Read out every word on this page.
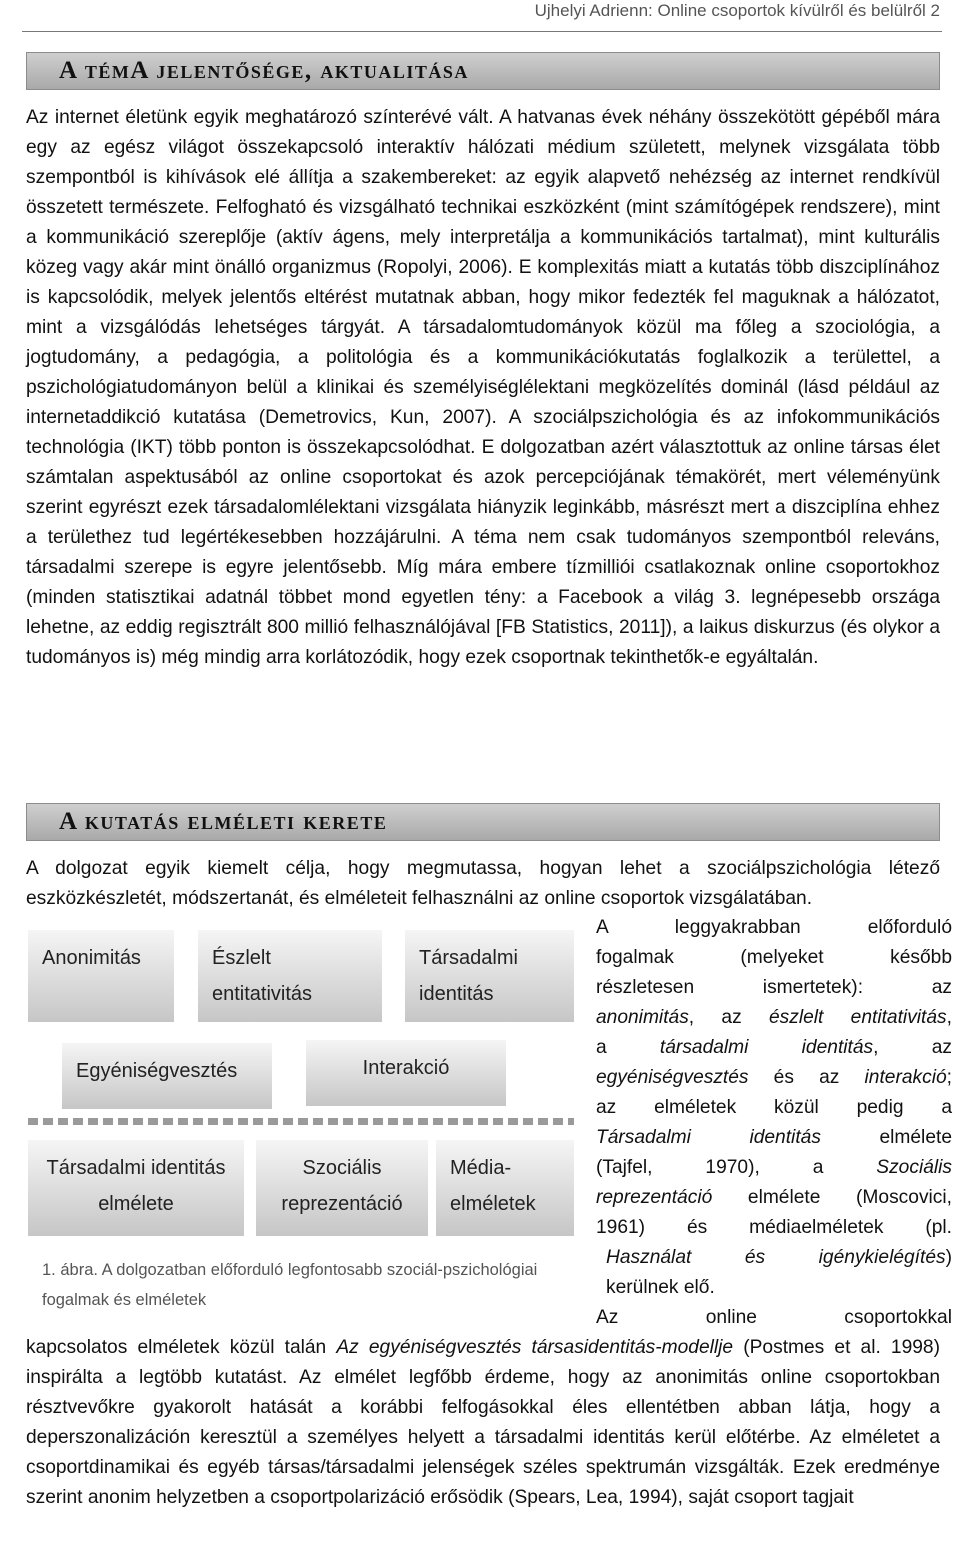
Ujhelyi Adrienn: Online csoportok kívülről és belülről 2
A témA jelentősége, aktualitása

Az internet életünk egyik meghatározó színterévé vált. A hatvanas évek néhány összekötött gépéből mára egy az egész világot összekapcsoló interaktív hálózati médium született, melynek vizsgálata több szempontból is kihívások elé állítja a szakembereket: az egyik alapvető nehézség az internet rendkívül összetett természete. Felfogható és vizsgálható technikai eszközként (mint számítógépek rendszere), mint a kommunikáció szereplője (aktív ágens, mely interpretálja a kommunikációs tartalmat), mint kulturális közeg vagy akár mint önálló organizmus (Ropolyi, 2006). E komplexitás miatt a kutatás több diszciplínához is kapcsolódik, melyek jelentős eltérést mutatnak abban, hogy mikor fedezték fel maguknak a hálózatot, mint a vizsgálódás lehetséges tárgyát. A társadalomtudományok közül ma főleg a szociológia, a jogtudomány, a pedagógia, a politológia és a kommunikációkutatás foglalkozik a területtel, a pszichológiatudományon belül a klinikai és személyiséglélektani megközelítés dominál (lásd például az internetaddikció kutatása (Demetrovics, Kun, 2007). A szociálpszichológia és az infokommunikációs technológia (IKT) több ponton is összekapcsolódhat. E dolgozatban azért választottuk az online társas élet számtalan aspektusából az online csoportokat és azok percepciójának témakörét, mert véleményünk szerint egyrészt ezek társadalomlélektani vizsgálata hiányzik leginkább, másrészt mert a diszciplína ehhez a területhez tud legértékesebben hozzájárulni. A téma nem csak tudományos szempontból releváns, társadalmi szerepe is egyre jelentősebb. Míg mára embere tízmilliói csatlakoznak online csoportokhoz (minden statisztikai adatnál többet mond egyetlen tény: a Facebook a világ 3. legnépesebb országa lehetne, az eddig regisztrált 800 millió felhasználójával [FB Statistics, 2011]), a laikus diskurzus (és olykor a tudományos is) még mindig arra korlátozódik, hogy ezek csoportnak tekinthetők-e egyáltalán.

A kutatás elméleti kerete

A dolgozat egyik kiemelt célja, hogy megmutassa, hogyan lehet a szociálpszichológia létező eszközkészletét, módszertanát, és elméleteit felhasználni az online csoportok vizsgálatában.

Anonimitás	Észlelt entitativitás
Társadalmi identitás
Egyéniségvesztés	Interakció
Társadalmi identitás elmélete
Szociális reprezentáció
Média-elméletek
1. ábra. A dolgozatban előforduló legfontosabb szociál-pszichológiai fogalmak és elméletek
A leggyakrabban előforduló
fogalmak (melyeket később
részletesen ismertetek): az
anonimitás, az észlelt entitativitás,
a társadalmi identitás, az
egyéniségvesztés és az interakció;
az elméletek közül pedig a
Társadalmi identitás elmélete
(Tajfel, 1970), a Szociális
reprezentáció elmélete (Moscovici,
1961) és médiaelméletek (pl.
Használat és igénykielégítés)
kerülnek elő.
Az online csoportokkal

kapcsolatos elméletek közül talán Az egyéniségvesztés társasidentitás-modellje (Postmes et al. 1998) inspirálta a legtöbb kutatást. Az elmélet legfőbb érdeme, hogy az anonimitás online csoportokban résztvevőkre gyakorolt hatását a korábbi felfogásokkal éles ellentétben abban látja, hogy a deperszonalizáción keresztül a személyes helyett a társadalmi identitás kerül előtérbe. Az elméletet a csoportdinamikai és egyéb társas/társadalmi jelenségek széles spektrumán vizsgálták. Ezek eredménye szerint anonim helyzetben a csoportpolarizáció erősödik (Spears, Lea, 1994), saját csoport tagjait
